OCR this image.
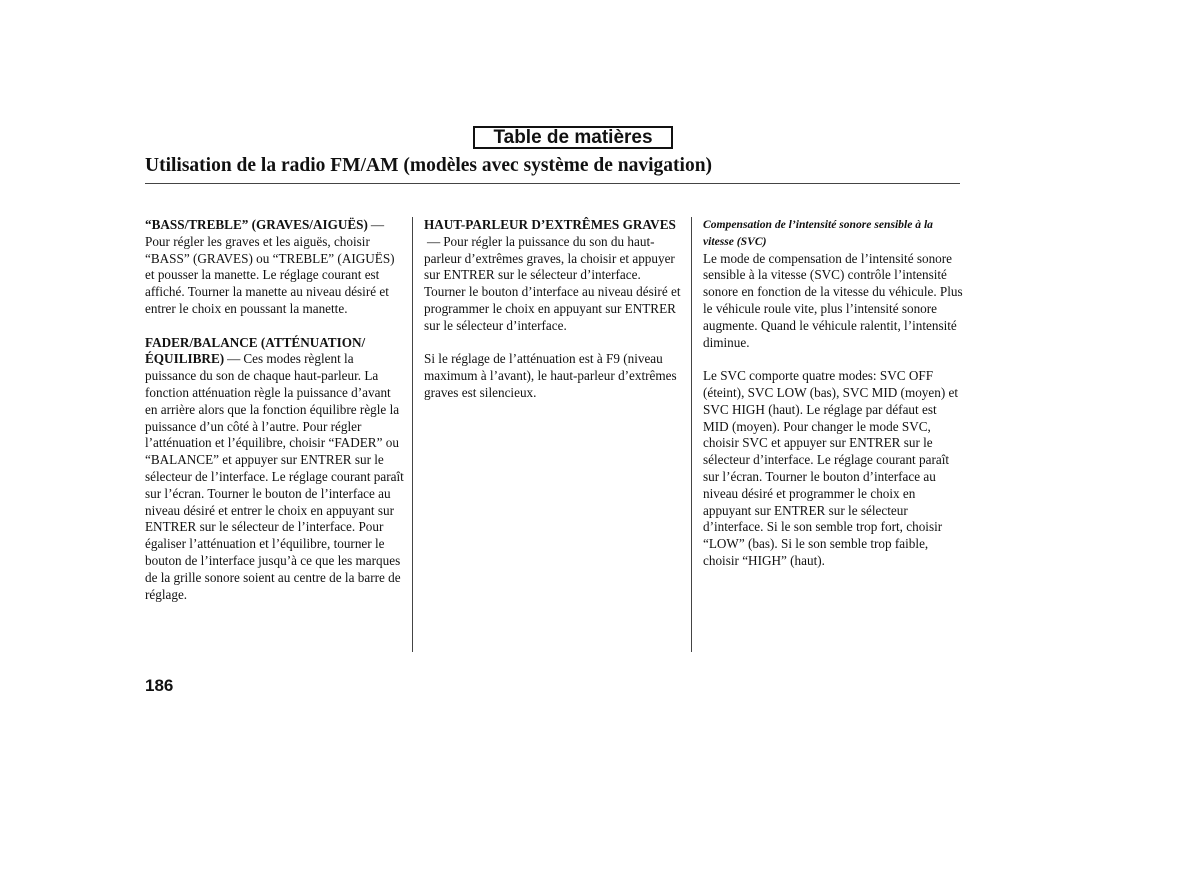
Table de matières
Utilisation de la radio FM/AM (modèles avec système de navigation)

“BASS/TREBLE” (GRAVES/AIGUËS) —Pour régler les graves et les aiguës, choisir “BASS” (GRAVES) ou “TREBLE” (AIGUËS) et pousser la manette. Le réglage courant est affiché. Tourner la manette au niveau désiré et entrer le choix en poussant la manette.

FADER/BALANCE (ATTÉNUATION/ ÉQUILIBRE) — Ces modes règlent la puissance du son de chaque haut-parleur. La fonction atténuation règle la puissance d’avant en arrière alors que la fonction équilibre règle la puissance d’un côté à l’autre. Pour régler l’atténuation et l’équilibre, choisir “FADER” ou “BALANCE” et appuyer sur ENTRER sur le sélecteur de l’interface. Le réglage courant paraît sur l’écran. Tourner le bouton de l’interface au niveau désiré et entrer le choix en appuyant sur ENTRER sur le sélecteur de l’interface. Pour égaliser l’atténuation et l’équilibre, tourner le bouton de l’interface jusqu’à ce que les marques de la grille sonore soient au centre de la barre de réglage.

HAUT-PARLEUR D’EXTRÊMES GRAVES— Pour régler la puissance du son du haut-parleur d’extrêmes graves, la choisir et appuyer sur ENTRER sur le sélecteur d’interface. Tourner le bouton d’interface au niveau désiré et programmer le choix en appuyant sur ENTRER sur le sélecteur d’interface.

Si le réglage de l’atténuation est à F9 (niveau maximum à l’avant), le haut-parleur d’extrêmes graves est silencieux.

Compensation de l’intensité sonore sensible à la vitesse (SVC)

Le mode de compensation de l’intensité sonore sensible à la vitesse (SVC) contrôle l’intensité sonore en fonction de la vitesse du véhicule. Plus le véhicule roule vite, plus l’intensité sonore augmente. Quand le véhicule ralentit, l’intensité diminue.

Le SVC comporte quatre modes: SVC OFF (éteint), SVC LOW (bas), SVC MID (moyen) et SVC HIGH (haut). Le réglage par défaut est MID (moyen). Pour changer le mode SVC, choisir SVC et appuyer sur ENTRER sur le sélecteur d’interface. Le réglage courant paraît sur l’écran. Tourner le bouton d’interface au niveau désiré et programmer le choix en appuyant sur ENTRER sur le sélecteur d’interface. Si le son semble trop fort, choisir “LOW” (bas). Si le son semble trop faible, choisir “HIGH” (haut).

186
